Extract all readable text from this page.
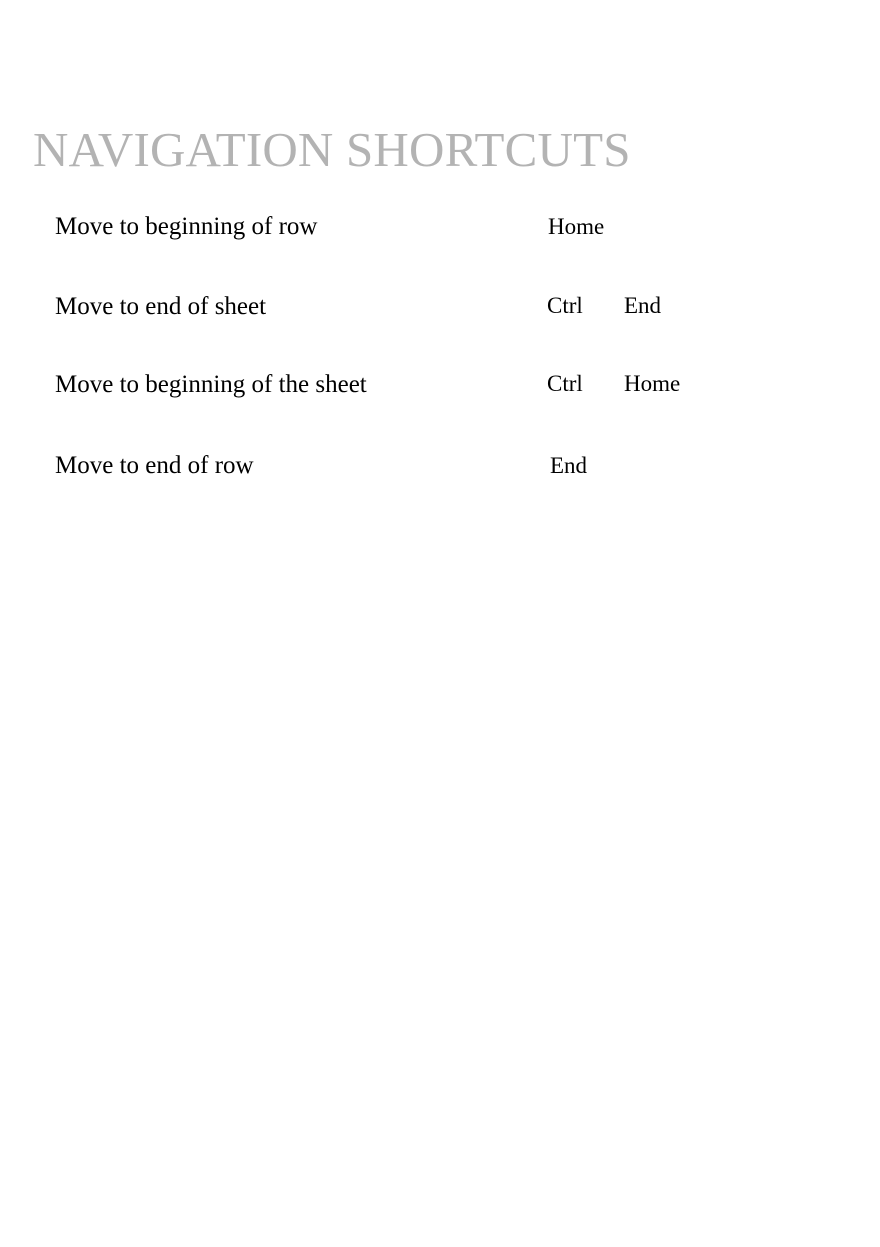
NAVIGATION SHORTCUTS
Move to beginning of row	Home
Move to end of sheet	Ctrl End
Move to beginning of the sheet	Ctrl Home
Move to end of row	End
